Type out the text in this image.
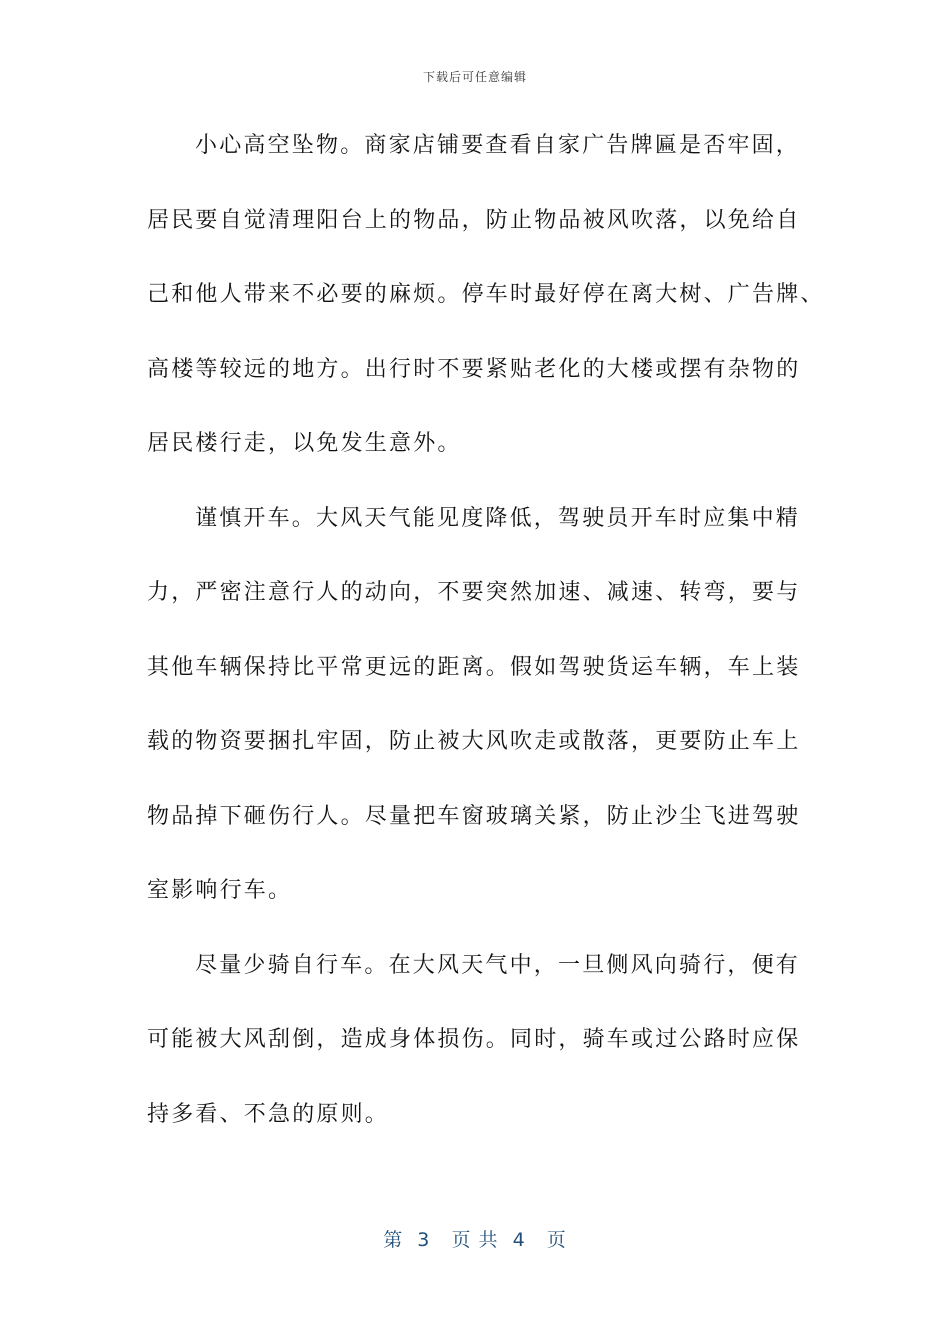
下载后可任意编辑
小心高空坠物。商家店铺要查看自家广告牌匾是否牢固，
居民要自觉清理阳台上的物品，防止物品被风吹落，以免给自
己和他人带来不必要的麻烦。停车时最好停在离大树、广告牌、
高楼等较远的地方。出行时不要紧贴老化的大楼或摆有杂物的
居民楼行走，以免发生意外。
谨慎开车。大风天气能见度降低，驾驶员开车时应集中精
力，严密注意行人的动向，不要突然加速、减速、转弯，要与
其他车辆保持比平常更远的距离。假如驾驶货运车辆，车上装
载的物资要捆扎牢固，防止被大风吹走或散落，更要防止车上
物品掉下砸伤行人。尽量把车窗玻璃关紧，防止沙尘飞进驾驶
室影响行车。
尽量少骑自行车。在大风天气中，一旦侧风向骑行，便有
可能被大风刮倒，造成身体损伤。同时，骑车或过公路时应保
持多看、不急的原则。
第  3   页 共  4   页
